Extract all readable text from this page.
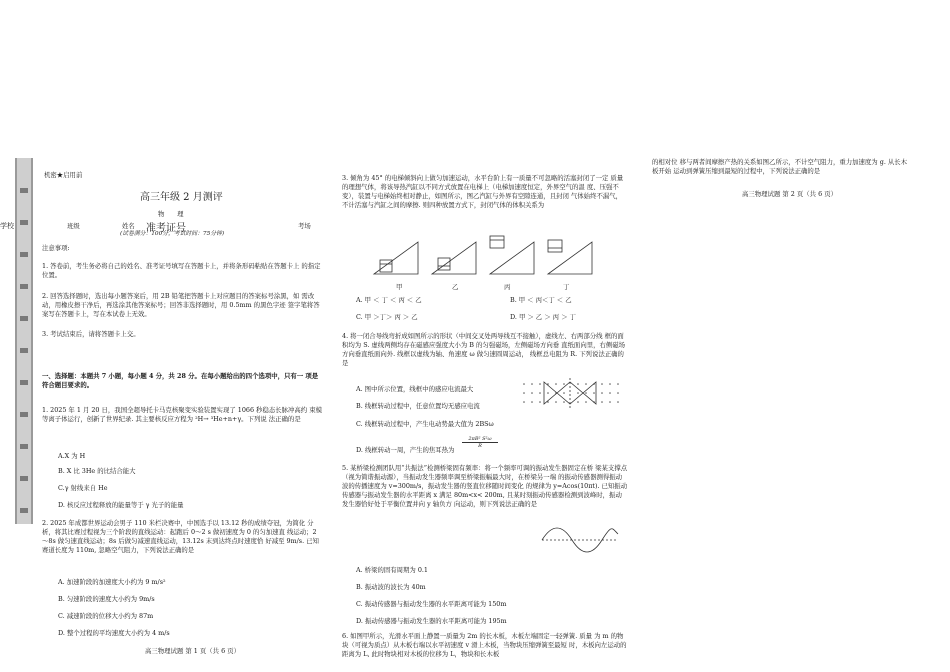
学校
机密★启用前
高三年级 2 月测评
物　　理
班级	姓名 准考证号	考场
(试卷满分：100分，考试时间：75分钟)
注意事项:
1. 答卷前，考生务必将自己的姓名、准考证号填写在答题卡上，并将条形码粘贴在答题卡上 的指定位置。
2. 回答选择题时，选出每小题答案后，用 2B 铅笔把答题卡上对应题目的答案标号涂黑，如 需改动，用橡皮擦干净后，再选涂其他答案标号；回答非选择题时，用 0.5mm 的黑色字迹 签字笔将答案写在答题卡上，写在本试卷上无效。
3. 考试结束后，请将答题卡上交。
一、选择题：本题共 7 小题，每小题 4 分，共 28 分。在每小题给出的四个选项中，只有一 项是 符合题目要求的。
1. 2025 年 1 月 20 日，我国全超导托卡马克核聚变实验装置实现了 1066 秒稳态长脉冲高约 束模等离子体运行，创新了世界纪录. 其主要核反应方程为 ²H→ ³He+n+γ。下列说 法正确的是
A.X 为 H
B. X 比 3He 的比结合能大
C.γ 射线来自 He
D. 核反应过程释放的能量等于 γ 光子的能量
2. 2025 年成都世界运动会男子 110 米栏决赛中，中国选手以 13.12 秒的成绩夺冠，为简化 分析，将其比赛过程视为三个阶段的直线运动：起跑后 0～2 s 做初速度为 0 的匀加速直 线运动；2～8s 做匀速直线运动；8s 后做匀减速直线运动，13.12s 末到达终点时速度恰 好减至 9m/s. 已知赛道长度为 110m, 忽略空气阻力，下列说法正确的是
A. 加速阶段的加速度大小约为 9 m/s²
B. 匀速阶段的速度大小约为 9m/s
C. 减速阶段的位移大小约为 87m
D. 整个过程的平均速度大小约为 4 m/s
高三物理试题 第 1 页（共 6 页）
3. 倾角为 45° 的电梯倾斜向上做匀加速运动，水平台阶上有一质量不可忽略的活塞封闭了一定 质量的理想气体，将该导热汽缸以不同方式放置在电梯上（电梯加速度恒定，外界空气的温 度、压强不变），装置与电梯始终相对静止，如图所示，图乙汽缸与外界有空隙连通，且封闭 气体始终不漏气，不计活塞与汽缸之间的摩擦. 则四种放置方式下，封闭气体的体积关系为
甲	乙	丙	丁
A. 甲 ＜ 丁 ＜ 丙 ＜ 乙	B. 甲 ＜ 丙＜丁 ＜ 乙
C. 甲 ＞丁＞ 丙 ＞ 乙	D. 甲 ＞ 乙 ＞ 丙 ＞ 丁
4. 将一闭合导线弯折成如图所示的形状（中间交叉处两导线互不接触），虚线左、右两部分线 框的面积均为 S. 虚线两侧均存在磁感应强度大小为 B 的匀强磁场，左侧磁场方向垂 直纸面向里，右侧磁场方向垂直纸面向外. 线框以虚线为轴、角速度 ω 做匀速圆周运动， 线框总电阻为 R. 下列说法正确的是
A. 图中所示位置，线框中的感应电流最大
B. 线框转动过程中，任意位置均无感应电流
C. 线框转动过程中，产生电动势最大值为 2BSω
D. 线框转动一周，产生的焦耳热为
$\frac{\text{2πB² S²ω}}{R}$
5. 某桥梁检测团队用“共振法”检测桥梁固有频率：将一个频率可调的振动发生器固定在桥 梁某支撑点（视为简谐振动源），当振动发生器频率调至桥梁振幅最大时，在桥梁另一端 的振动传感器测得振动波的传播速度为 v=300m/s，振动发生器的竖直位移随时间变化 的规律为 y=Acos(10πt). 已知振动传感器与振动发生器的水平距离 x 满足 80m<x< 200m, 且某时刻振动传感器检测到波峰时，振动发生器恰好处于平衡位置并向 y 轴负方 向运动，则下列说法正确的是
A. 桥梁的固有周期为 0.1
B. 振动波的波长为 40m
C. 振动传感器与振动发生器的水平距离可能为 150m
D. 振动传感器与振动发生器的水平距离可能为 195m
6. 如图甲所示，光滑水平面上静置一质量为 2m 的长木板，木板左端固定一轻弹簧. 质量 为 m 的物块（可视为质点）从木板右端以水平初速度 v 滑上木板，当物块压缩弹簧至最短 时，木板向左运动的距离为 L, 此时物块相对木板的位移为 L，物块和长木板
的相对位 移与两者间摩擦产热的关系如图乙所示，不计空气阻力，重力加速度为 g. 从长木板开始 运动到弹簧压缩到最短的过程中，下列说法正确的是
高三物理试题 第 2 页（共 6 页）
